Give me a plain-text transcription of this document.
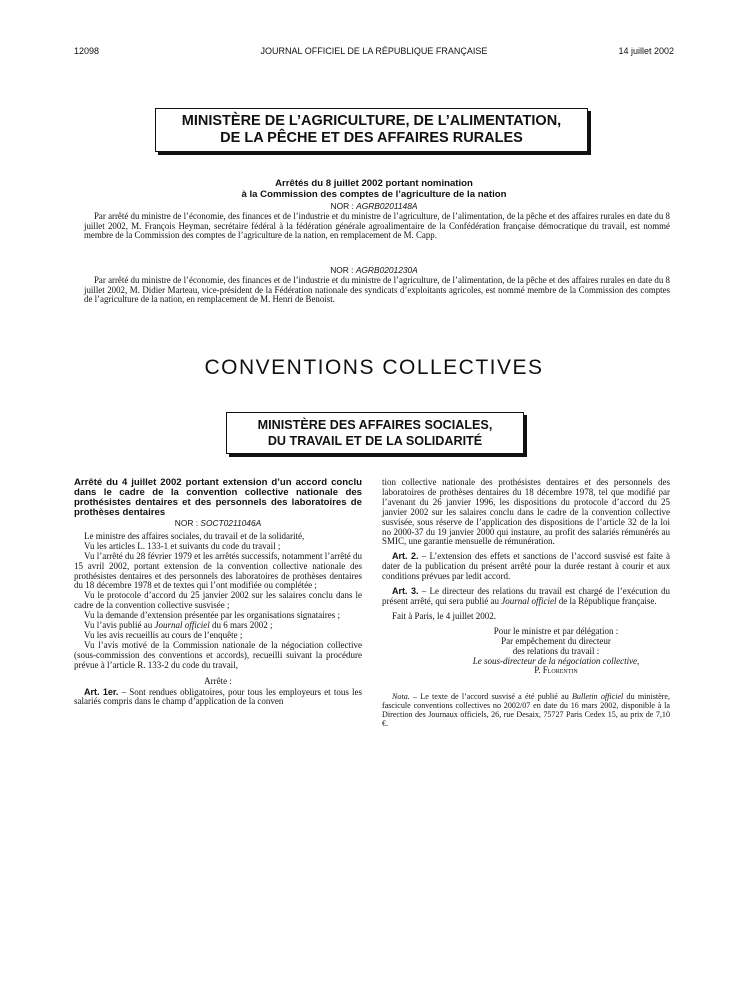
12098	JOURNAL OFFICIEL DE LA RÉPUBLIQUE FRANÇAISE	14 juillet 2002
MINISTÈRE DE L’AGRICULTURE, DE L’ALIMENTATION,
DE LA PÊCHE ET DES AFFAIRES RURALES
Arrêtés du 8 juillet 2002 portant nomination
à la Commission des comptes de l’agriculture de la nation
NOR : AGRB0201148A
Par arrêté du ministre de l’économie, des finances et de l’industrie et du ministre de l’agriculture, de l’alimentation, de la pêche et des affaires rurales en date du 8 juillet 2002, M. François Heyman, secrétaire fédéral à la fédération générale agroalimentaire de la Confédération française démocratique du travail, est nommé membre de la Commission des comptes de l’agriculture de la nation, en remplacement de M. Capp.
NOR : AGRB0201230A
Par arrêté du ministre de l’économie, des finances et de l’industrie et du ministre de l’agriculture, de l’alimentation, de la pêche et des affaires rurales en date du 8 juillet 2002, M. Didier Marteau, vice-président de la Fédération nationale des syndicats d’exploitants agricoles, est nommé membre de la Commission des comptes de l’agriculture de la nation, en remplacement de M. Henri de Benoist.
CONVENTIONS COLLECTIVES
MINISTÈRE DES AFFAIRES SOCIALES,
DU TRAVAIL ET DE LA SOLIDARITÉ
Arrêté du 4 juillet 2002 portant extension d’un accord conclu dans le cadre de la convention collective nationale des prothésistes dentaires et des personnels des laboratoires de prothèses dentaires
NOR : SOCT0211046A

Le ministre des affaires sociales, du travail et de la solidarité,

Vu les articles L. 133-1 et suivants du code du travail ;

Vu l’arrêté du 28 février 1979 et les arrêtés successifs, notamment l’arrêté du 15 avril 2002, portant extension de la convention collective nationale des prothésistes dentaires et des personnels des laboratoires de prothèses dentaires du 18 décembre 1978 et de textes qui l’ont modifiée ou complétée ;

Vu le protocole d’accord du 25 janvier 2002 sur les salaires conclu dans le cadre de la convention collective susvisée ;

Vu la demande d’extension présentée par les organisations signataires ;

Vu l’avis publié au Journal officiel du 6 mars 2002 ;

Vu les avis recueillis au cours de l’enquête ;

Vu l’avis motivé de la Commission nationale de la négociation collective (sous-commission des conventions et accords), recueilli suivant la procédure prévue à l’article R. 133-2 du code du travail,

Arrête :

Art. 1er. – Sont rendues obligatoires, pour tous les employeurs et tous les salariés compris dans le champ d’application de la conven

tion collective nationale des prothésistes dentaires et des personnels des laboratoires de prothèses dentaires du 18 décembre 1978, tel que modifié par l’avenant du 26 janvier 1996, les dispositions du protocole d’accord du 25 janvier 2002 sur les salaires conclu dans le cadre de la convention collective susvisée, sous réserve de l’application des dispositions de l’article 32 de la loi no 2000-37 du 19 janvier 2000 qui instaure, au profit des salariés rémunérés au SMIC, une garantie mensuelle de rémunération.

Art. 2. – L’extension des effets et sanctions de l’accord susvisé est faite à dater de la publication du présent arrêté pour la durée restant à courir et aux conditions prévues par ledit accord.

Art. 3. – Le directeur des relations du travail est chargé de l’exécution du présent arrêté, qui sera publié au Journal officiel de la République française.

Fait à Paris, le 4 juillet 2002.

Pour le ministre et par délégation :
Par empêchement du directeur
des relations du travail :
Le sous-directeur de la négociation collective,
P. Florentin
Nota. – Le texte de l’accord susvisé a été publié au Bulletin officiel du ministère, fascicule conventions collectives no 2002/07 en date du 16 mars 2002, disponible à la Direction des Journaux officiels, 26, rue Desaix, 75727 Paris Cedex 15, au prix de 7,10 €.
